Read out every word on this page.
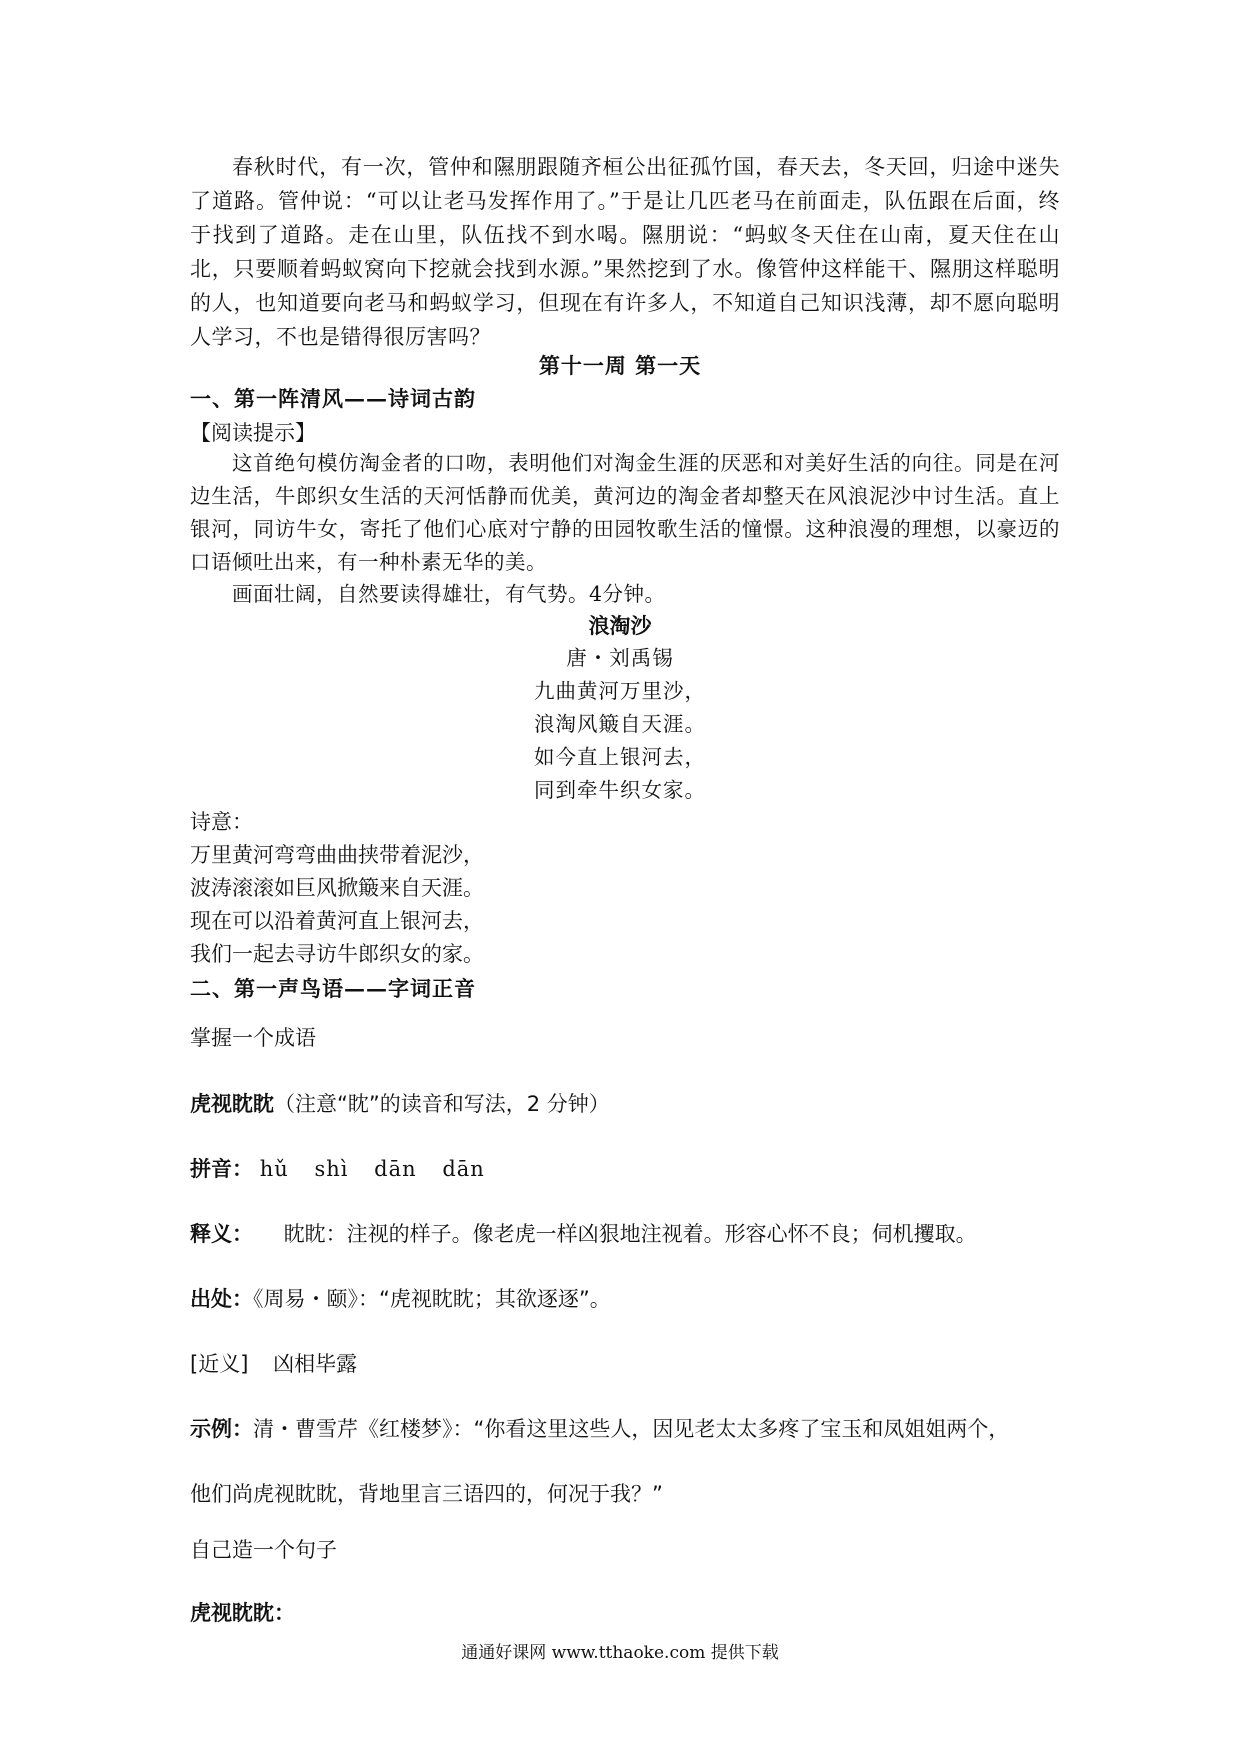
春秋时代，有一次，管仲和隰朋跟随齐桓公出征孤竹国，春天去，冬天回，归途中迷失了道路。管仲说：“可以让老马发挥作用了。”于是让几匹老马在前面走，队伍跟在后面，终于找到了道路。走在山里，队伍找不到水喝。隰朋说：“蚂蚁冬天住在山南，夏天住在山北，只要顺着蚂蚁窝向下挖就会找到水源。”果然挖到了水。像管仲这样能干、隰朋这样聪明的人，也知道要向老马和蚂蚁学习，但现在有许多人，不知道自己知识浅薄，却不愿向聪明人学习，不也是错得很厉害吗？

第十一周 第一天
一、第一阵清风——诗词古韵
【阅读提示】

这首绝句模仿淘金者的口吻，表明他们对淘金生涯的厌恶和对美好生活的向往。同是在河边生活，牛郎织女生活的天河恬静而优美，黄河边的淘金者却整天在风浪泥沙中讨生活。直上银河，同访牛女，寄托了他们心底对宁静的田园牧歌生活的憧憬。这种浪漫的理想，以豪迈的口语倾吐出来，有一种朴素无华的美。

画面壮阔，自然要读得雄壮，有气势。4分钟。

浪淘沙
唐・刘禹锡
九曲黄河万里沙，
浪淘风簸自天涯。
如今直上银河去，
同到牵牛织女家。
诗意：
万里黄河弯弯曲曲挟带着泥沙，
波涛滚滚如巨风掀簸来自天涯。
现在可以沿着黄河直上银河去，
我们一起去寻访牛郎织女的家。
二、第一声鸟语——字词正音
掌握一个成语
虎视眈眈（注意“眈”的读音和写法，2 分钟）
拼音： hǔ shì dān dān
释义： 眈眈：注视的样子。像老虎一样凶狠地注视着。形容心怀不良；伺机攫取。
出处：《周易・颐》：“虎视眈眈；其欲逐逐”。
[近义] 凶相毕露
示例：清・曹雪芹《红楼梦》：“你看这里这些人，因见老太太多疼了宝玉和凤姐姐两个，
他们尚虎视眈眈，背地里言三语四的，何况于我？”
自己造一个句子
虎视眈眈：
通通好课网 www.tthaoke.com 提供下载
